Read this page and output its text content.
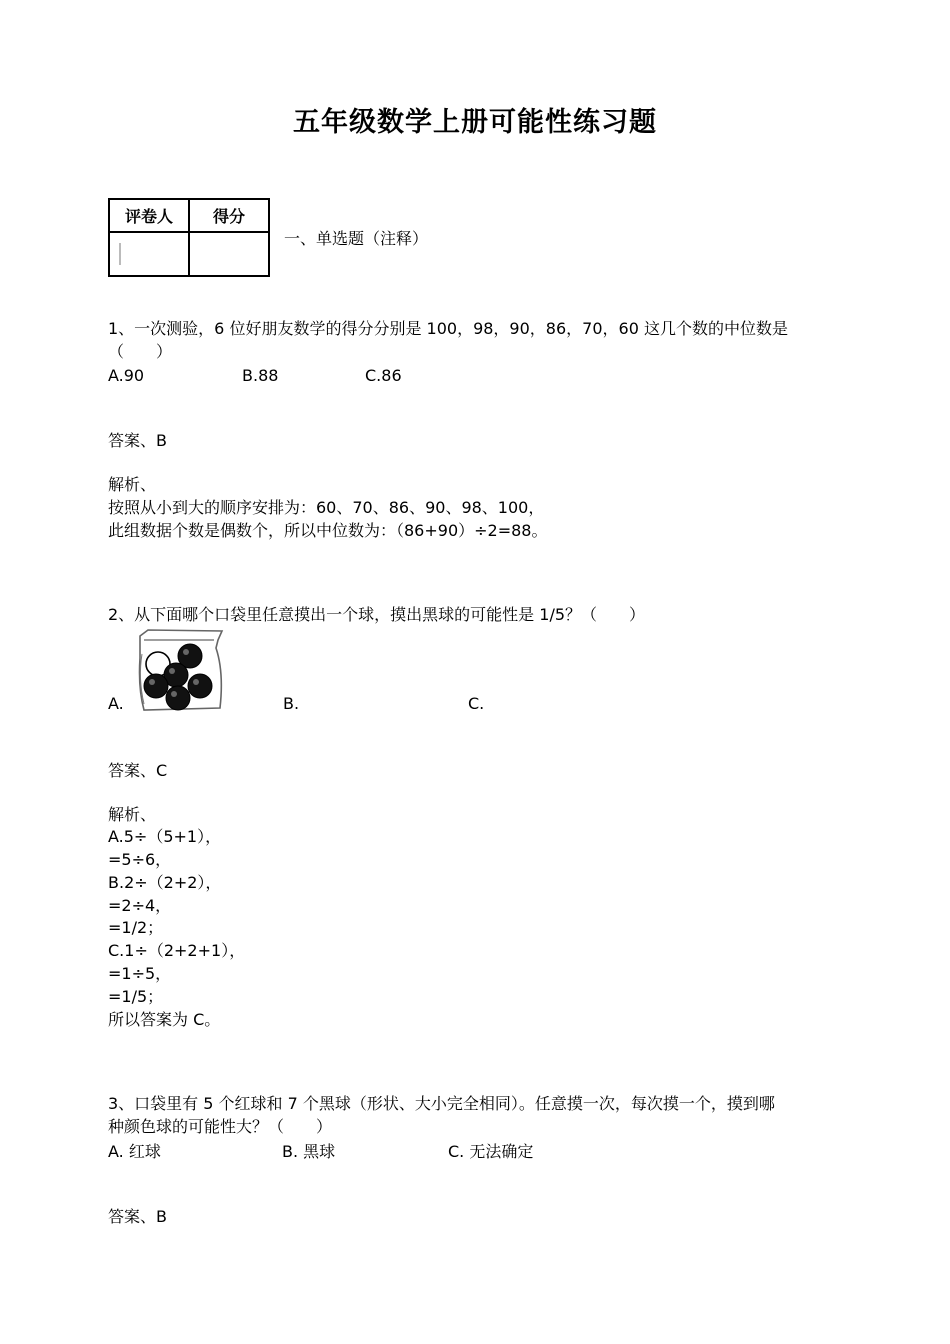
五年级数学上册可能性练习题
评卷人	得分

一、单选题（注释）
1、一次测验，6 位好朋友数学的得分分别是 100，98，90，86，70，60 这几个数的中位数是
（　　）
A.90	B.88	C.86
答案、B
解析、
按照从小到大的顺序安排为：60、70、86、90、98、100，
此组数据个数是偶数个，所以中位数为：（86+90）÷2=88。
2、从下面哪个口袋里任意摸出一个球，摸出黑球的可能性是 1/5？（　　）
A.	B.	C.
答案、C
解析、
A.5÷（5+1），
=5÷6，
B.2÷（2+2），
=2÷4，
=1/2；
C.1÷（2+2+1），
=1÷5，
=1/5；
所以答案为 C。
3、口袋里有 5 个红球和 7 个黑球（形状、大小完全相同）。任意摸一次，每次摸一个，摸到哪
种颜色球的可能性大？（　　）
A. 红球	B. 黑球	C. 无法确定
答案、B
